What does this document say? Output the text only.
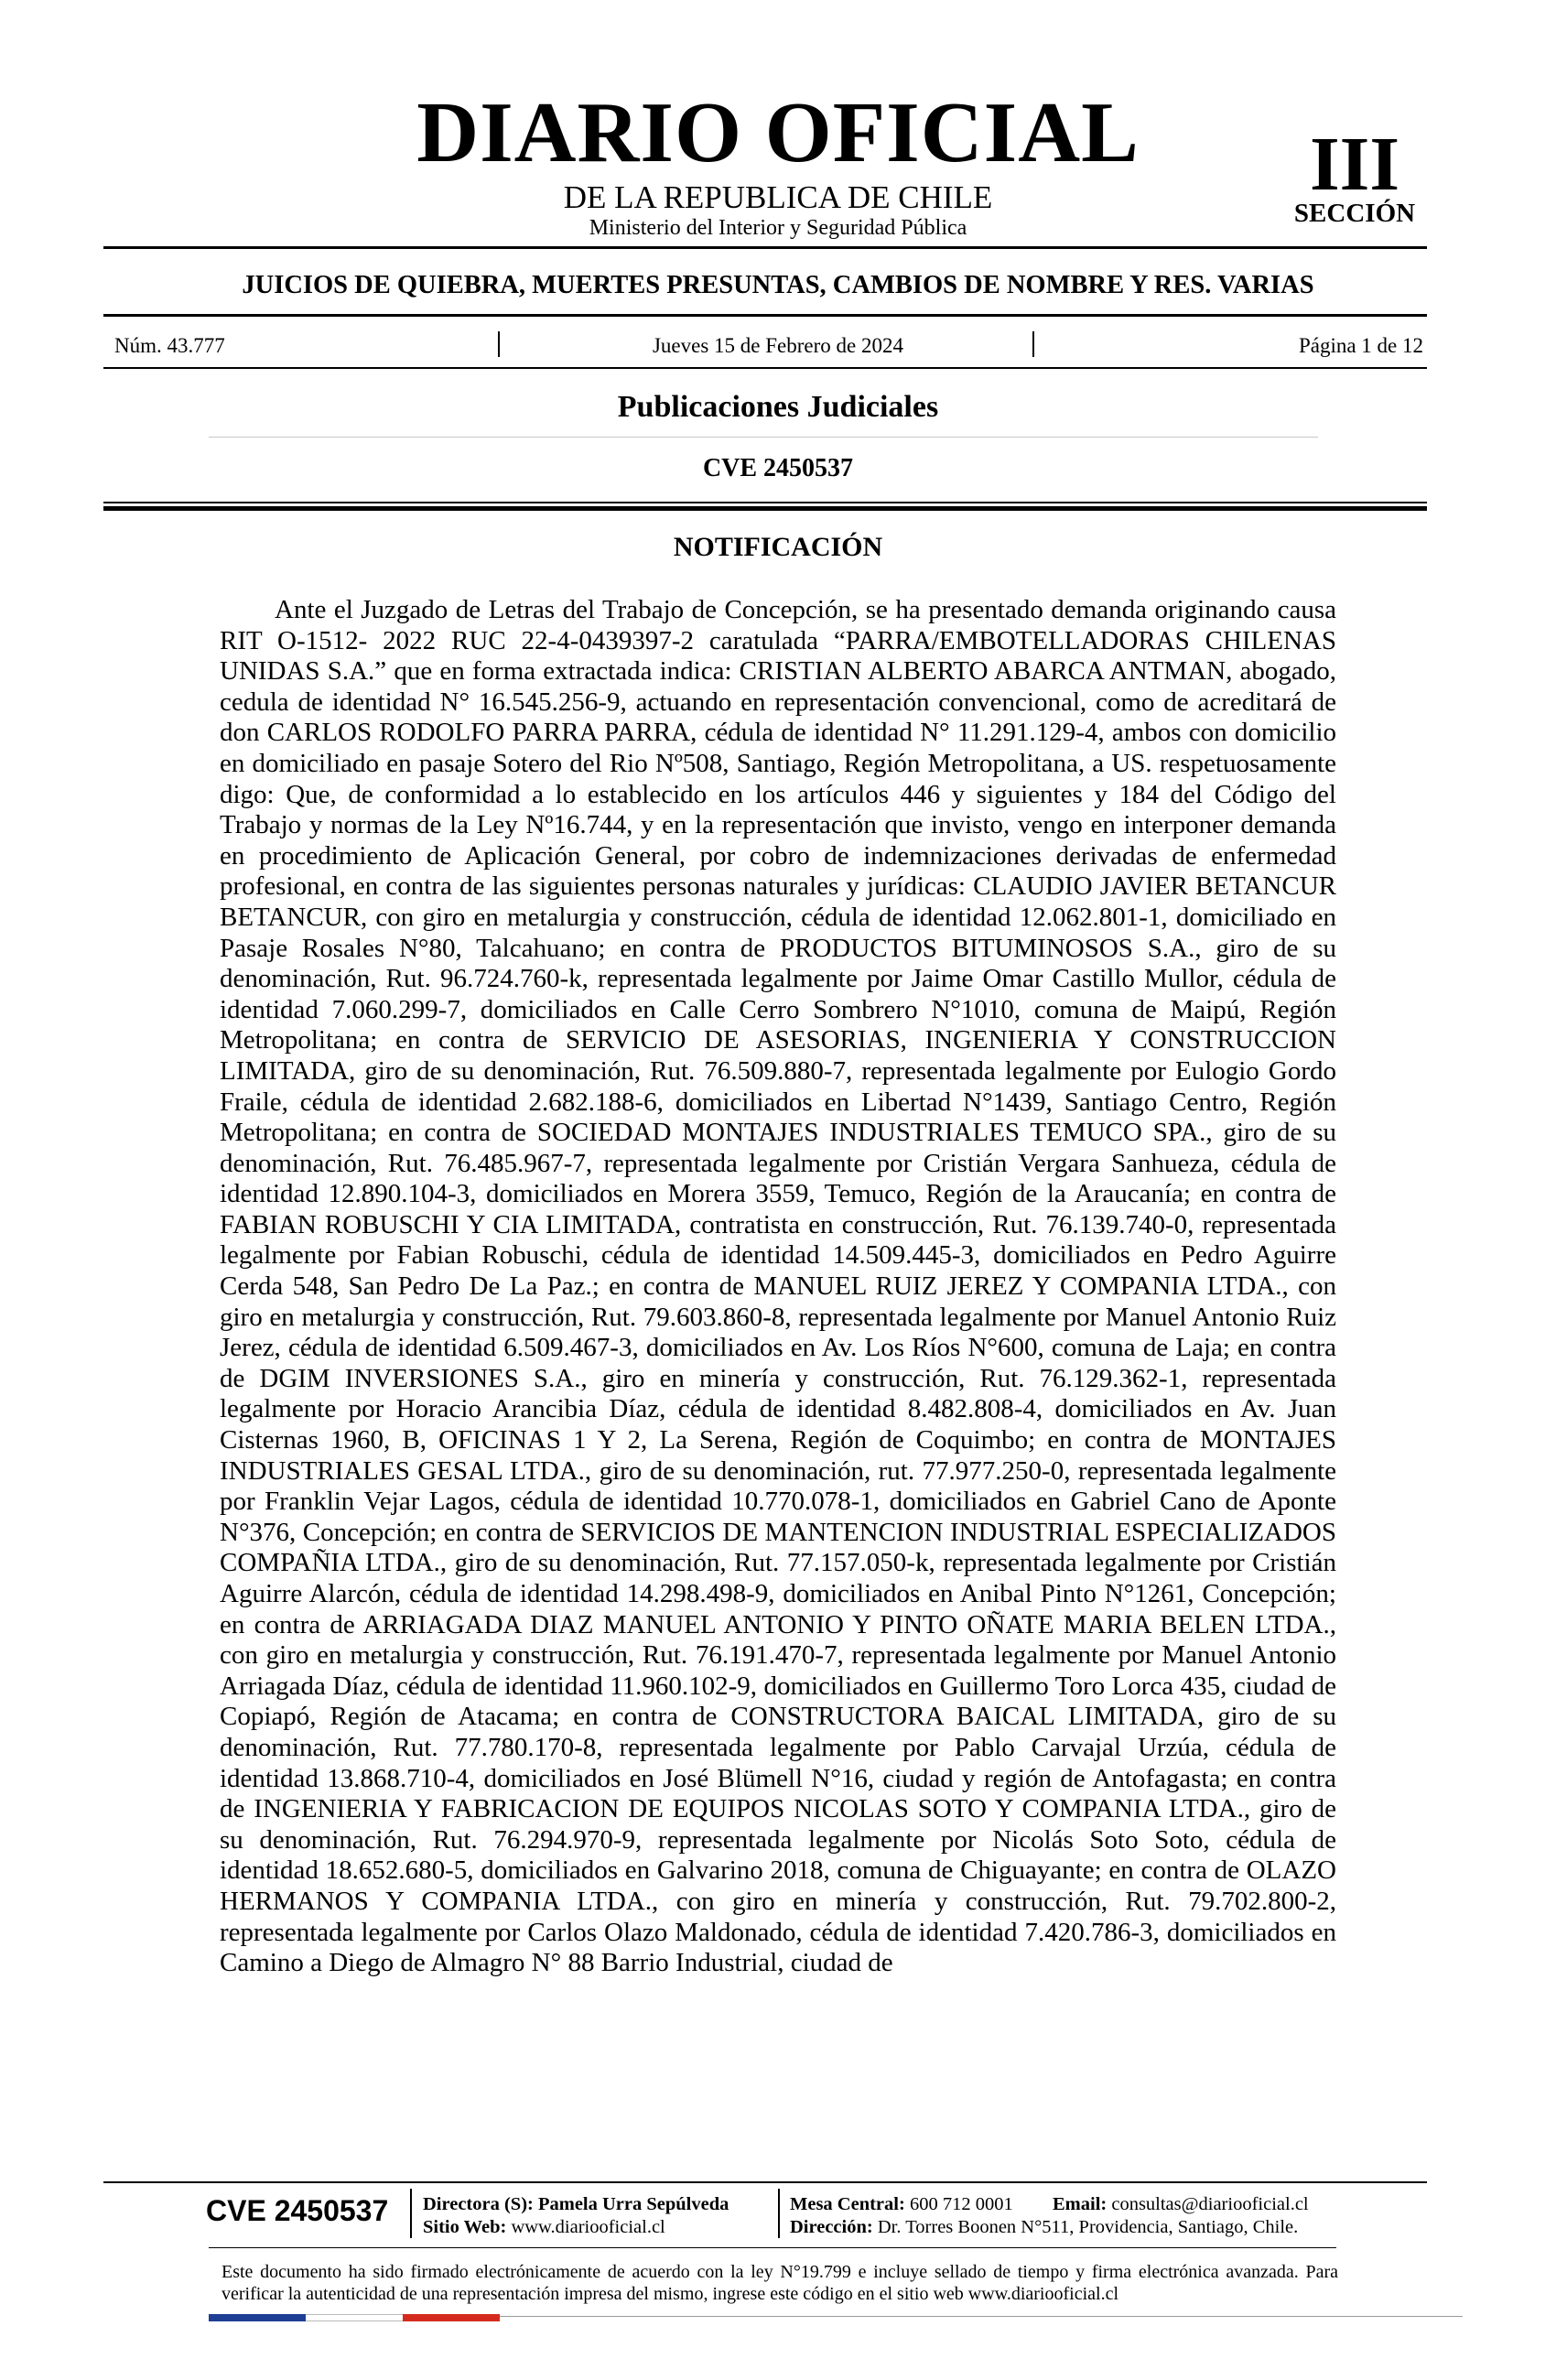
DIARIO OFICIAL
DE LA REPUBLICA DE CHILE
Ministerio del Interior y Seguridad Pública
III
SECCIÓN
JUICIOS DE QUIEBRA, MUERTES PRESUNTAS, CAMBIOS DE NOMBRE Y RES. VARIAS
Núm. 43.777	Jueves 15 de Febrero de 2024	Página 1 de 12
Publicaciones Judiciales
CVE 2450537
NOTIFICACIÓN

Ante el Juzgado de Letras del Trabajo de Concepción, se ha presentado demanda originando causa RIT O-1512- 2022 RUC 22-4-0439397-2 caratulada “PARRA/EMBOTELLADORAS CHILENAS UNIDAS S.A.” que en forma extractada indica: CRISTIAN ALBERTO ABARCA ANTMAN, abogado, cedula de identidad N° 16.545.256-9, actuando en representación convencional, como de acreditará de don CARLOS RODOLFO PARRA PARRA, cédula de identidad N° 11.291.129-4, ambos con domicilio en domiciliado en pasaje Sotero del Rio Nº508, Santiago, Región Metropolitana, a US. respetuosamente digo: Que, de conformidad a lo establecido en los artículos 446 y siguientes y 184 del Código del Trabajo y normas de la Ley Nº16.744, y en la representación que invisto, vengo en interponer demanda en procedimiento de Aplicación General, por cobro de indemnizaciones derivadas de enfermedad profesional, en contra de las siguientes personas naturales y jurídicas: CLAUDIO JAVIER BETANCUR BETANCUR, con giro en metalurgia y construcción, cédula de identidad 12.062.801-1, domiciliado en Pasaje Rosales N°80, Talcahuano; en contra de PRODUCTOS BITUMINOSOS S.A., giro de su denominación, Rut. 96.724.760-k, representada legalmente por Jaime Omar Castillo Mullor, cédula de identidad 7.060.299-7, domiciliados en Calle Cerro Sombrero N°1010, comuna de Maipú, Región Metropolitana; en contra de SERVICIO DE ASESORIAS, INGENIERIA Y CONSTRUCCION LIMITADA, giro de su denominación, Rut. 76.509.880-7, representada legalmente por Eulogio Gordo Fraile, cédula de identidad 2.682.188-6, domiciliados en Libertad N°1439, Santiago Centro, Región Metropolitana; en contra de SOCIEDAD MONTAJES INDUSTRIALES TEMUCO SPA., giro de su denominación, Rut. 76.485.967-7, representada legalmente por Cristián Vergara Sanhueza, cédula de identidad 12.890.104-3, domiciliados en Morera 3559, Temuco, Región de la Araucanía; en contra de FABIAN ROBUSCHI Y CIA LIMITADA, contratista en construcción, Rut. 76.139.740-0, representada legalmente por Fabian Robuschi, cédula de identidad 14.509.445-3, domiciliados en Pedro Aguirre Cerda 548, San Pedro De La Paz.; en contra de MANUEL RUIZ JEREZ Y COMPANIA LTDA., con giro en metalurgia y construcción, Rut. 79.603.860-8, representada legalmente por Manuel Antonio Ruiz Jerez, cédula de identidad 6.509.467-3, domiciliados en Av. Los Ríos N°600, comuna de Laja; en contra de DGIM INVERSIONES S.A., giro en minería y construcción, Rut. 76.129.362-1, representada legalmente por Horacio Arancibia Díaz, cédula de identidad 8.482.808-4, domiciliados en Av. Juan Cisternas 1960, B, OFICINAS 1 Y 2, La Serena, Región de Coquimbo; en contra de MONTAJES INDUSTRIALES GESAL LTDA., giro de su denominación, rut. 77.977.250-0, representada legalmente por Franklin Vejar Lagos, cédula de identidad 10.770.078-1, domiciliados en Gabriel Cano de Aponte N°376, Concepción; en contra de SERVICIOS DE MANTENCION INDUSTRIAL ESPECIALIZADOS COMPAÑIA LTDA., giro de su denominación, Rut. 77.157.050-k, representada legalmente por Cristián Aguirre Alarcón, cédula de identidad 14.298.498-9, domiciliados en Anibal Pinto N°1261, Concepción; en contra de ARRIAGADA DIAZ MANUEL ANTONIO Y PINTO OÑATE MARIA BELEN LTDA., con giro en metalurgia y construcción, Rut. 76.191.470-7, representada legalmente por Manuel Antonio Arriagada Díaz, cédula de identidad 11.960.102-9, domiciliados en Guillermo Toro Lorca 435, ciudad de Copiapó, Región de Atacama; en contra de CONSTRUCTORA BAICAL LIMITADA, giro de su denominación, Rut. 77.780.170-8, representada legalmente por Pablo Carvajal Urzúa, cédula de identidad 13.868.710-4, domiciliados en José Blümell N°16, ciudad y región de Antofagasta; en contra de INGENIERIA Y FABRICACION DE EQUIPOS NICOLAS SOTO Y COMPANIA LTDA., giro de su denominación, Rut. 76.294.970-9, representada legalmente por Nicolás Soto Soto, cédula de identidad 18.652.680-5, domiciliados en Galvarino 2018, comuna de Chiguayante; en contra de OLAZO HERMANOS Y COMPANIA LTDA., con giro en minería y construcción, Rut. 79.702.800-2, representada legalmente por Carlos Olazo Maldonado, cédula de identidad 7.420.786-3, domiciliados en Camino a Diego de Almagro N° 88 Barrio Industrial, ciudad de

CVE 2450537 Directora (S): Pamela Urra Sepúlveda
Sitio Web: www.diariooficial.cl
Mesa Central: 600 712 0001 Email: consultas@diariooficial.cl
Dirección: Dr. Torres Boonen N°511, Providencia, Santiago, Chile.

Este documento ha sido firmado electrónicamente de acuerdo con la ley N°19.799 e incluye sellado de tiempo y firma electrónica avanzada. Para verificar la autenticidad de una representación impresa del mismo, ingrese este código en el sitio web www.diariooficial.cl
